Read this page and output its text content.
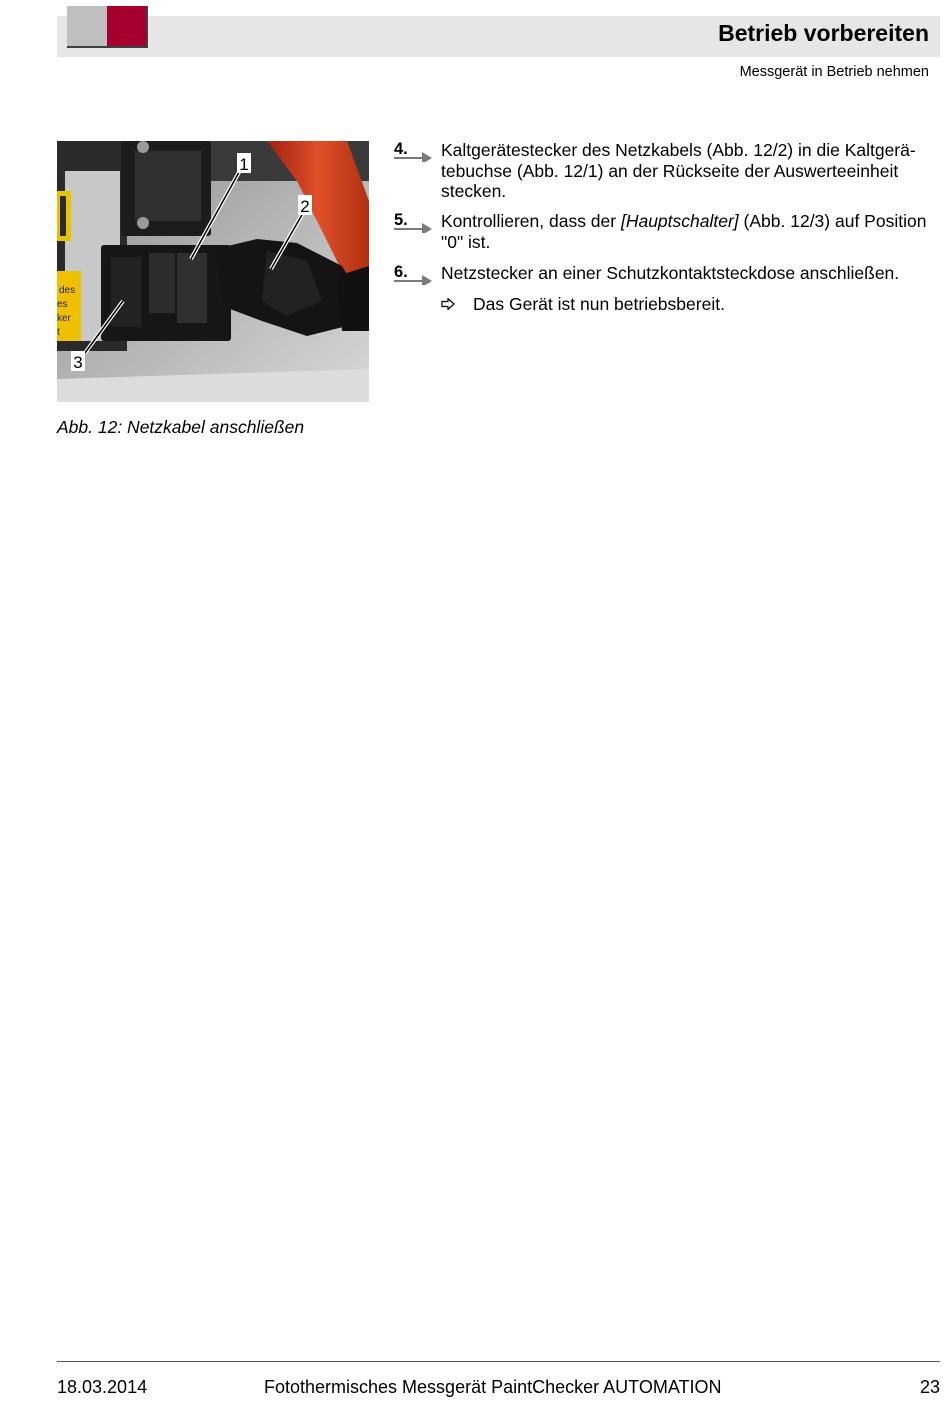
Betrieb vorbereiten
Messgerät in Betrieb nehmen
1
2
3
des
es
ker
t
Abb. 12: Netzkabel anschließen
4. Kaltgerätestecker des Netzkabels (Abb. 12/2) in die Kaltgerätebuchse (Abb. 12/1) an der Rückseite der Auswerteeinheit stecken.
5. Kontrollieren, dass der [Hauptschalter] (Abb. 12/3) auf Position "0" ist.
6. Netzstecker an einer Schutzkontaktsteckdose anschließen.
Das Gerät ist nun betriebsbereit.
18.03.2014	Fotothermisches Messgerät PaintChecker AUTOMATION	23
